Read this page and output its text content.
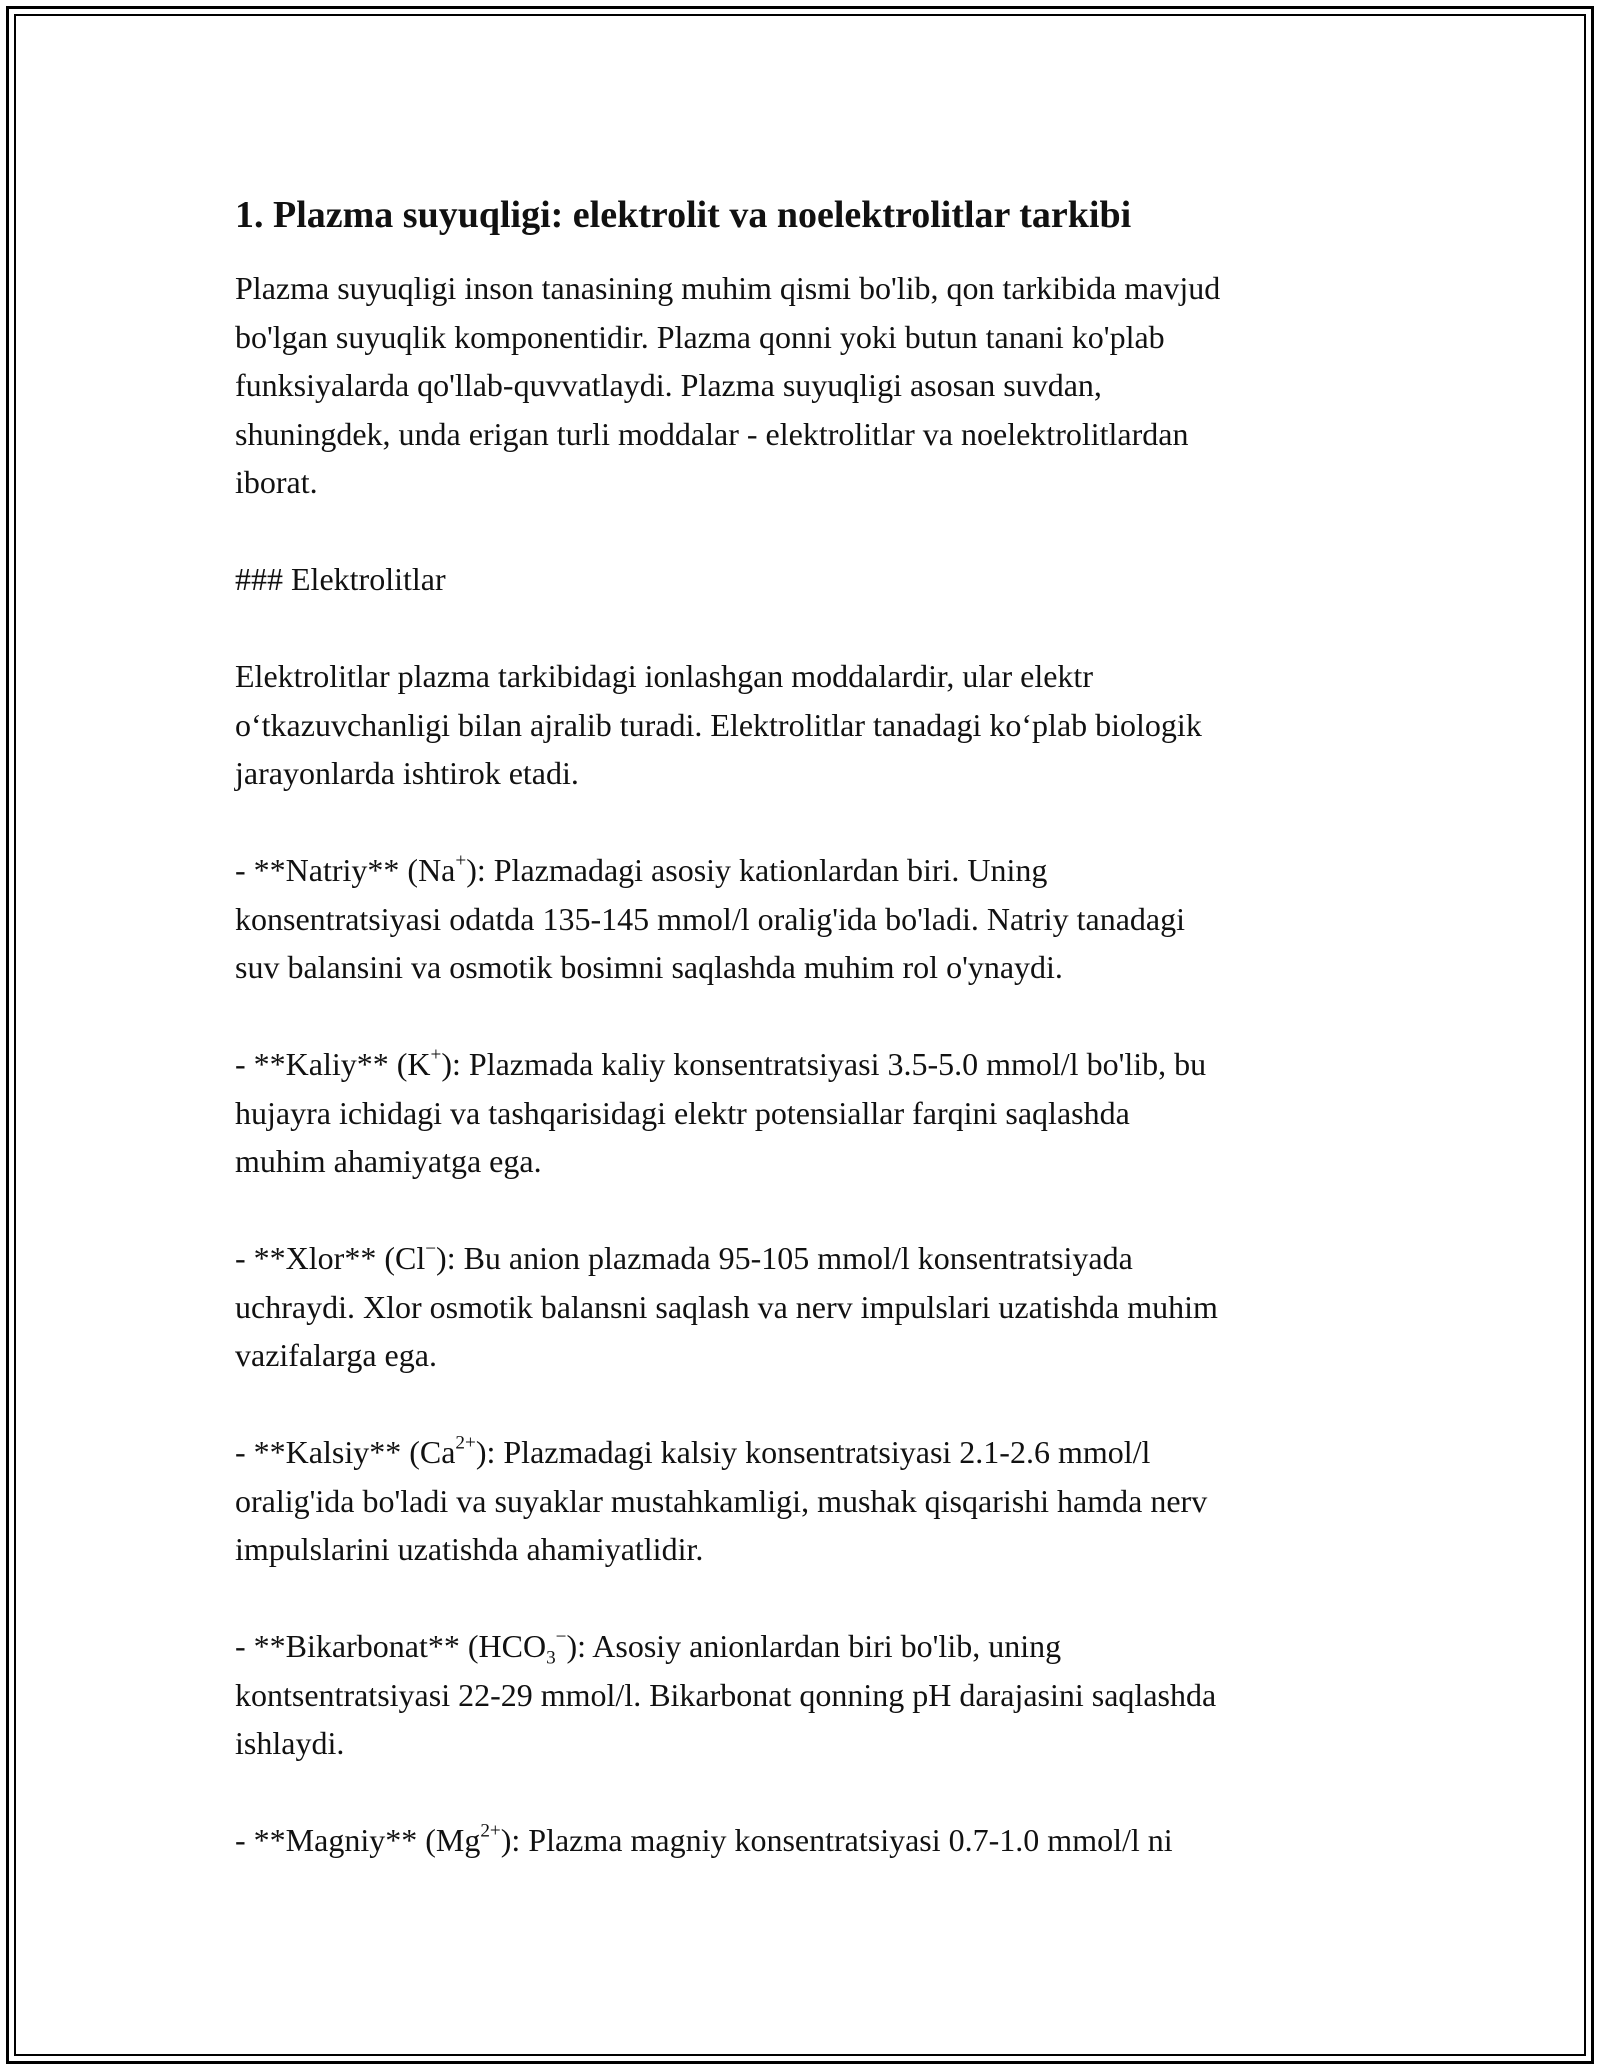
1. Plazma suyuqligi: elektrolit va noelektrolitlar tarkibi

Plazma suyuqligi inson tanasining muhim qismi bo'lib, qon tarkibida mavjud

bo'lgan suyuqlik komponentidir. Plazma qonni yoki butun tanani ko'plab

funksiyalarda qo'llab-quvvatlaydi. Plazma suyuqligi asosan suvdan,

shuningdek, unda erigan turli moddalar - elektrolitlar va noelektrolitlardan

iborat.

### Elektrolitlar

Elektrolitlar plazma tarkibidagi ionlashgan moddalardir, ular elektr

o‘tkazuvchanligi bilan ajralib turadi. Elektrolitlar tanadagi ko‘plab biologik

jarayonlarda ishtirok etadi.

- **Natriy** (Na+): Plazmadagi asosiy kationlardan biri. Uning

konsentratsiyasi odatda 135-145 mmol/l oralig'ida bo'ladi. Natriy tanadagi

suv balansini va osmotik bosimni saqlashda muhim rol o'ynaydi.

- **Kaliy** (K+): Plazmada kaliy konsentratsiyasi 3.5-5.0 mmol/l bo'lib, bu

hujayra ichidagi va tashqarisidagi elektr potensiallar farqini saqlashda

muhim ahamiyatga ega.

- **Xlor** (Cl−): Bu anion plazmada 95-105 mmol/l konsentratsiyada

uchraydi. Xlor osmotik balansni saqlash va nerv impulslari uzatishda muhim

vazifalarga ega.

- **Kalsiy** $(Ca^{2+})$: Plazmadagi kalsiy konsentratsiyasi 2.1-2.6 mmol/l

oralig'ida bo'ladi va suyaklar mustahkamligi, mushak qisqarishi hamda nerv

impulslarini uzatishda ahamiyatlidir.

- **Bikarbonat** $(HCO_3^-)$: Asosiy anionlardan biri bo'lib, uning

kontsentratsiyasi 22-29 mmol/l. Bikarbonat qonning pH darajasini saqlashda

ishlaydi.

- **Magniy** $(Mg^{2+})$: Plazma magniy konsentratsiyasi 0.7-1.0 mmol/l ni
